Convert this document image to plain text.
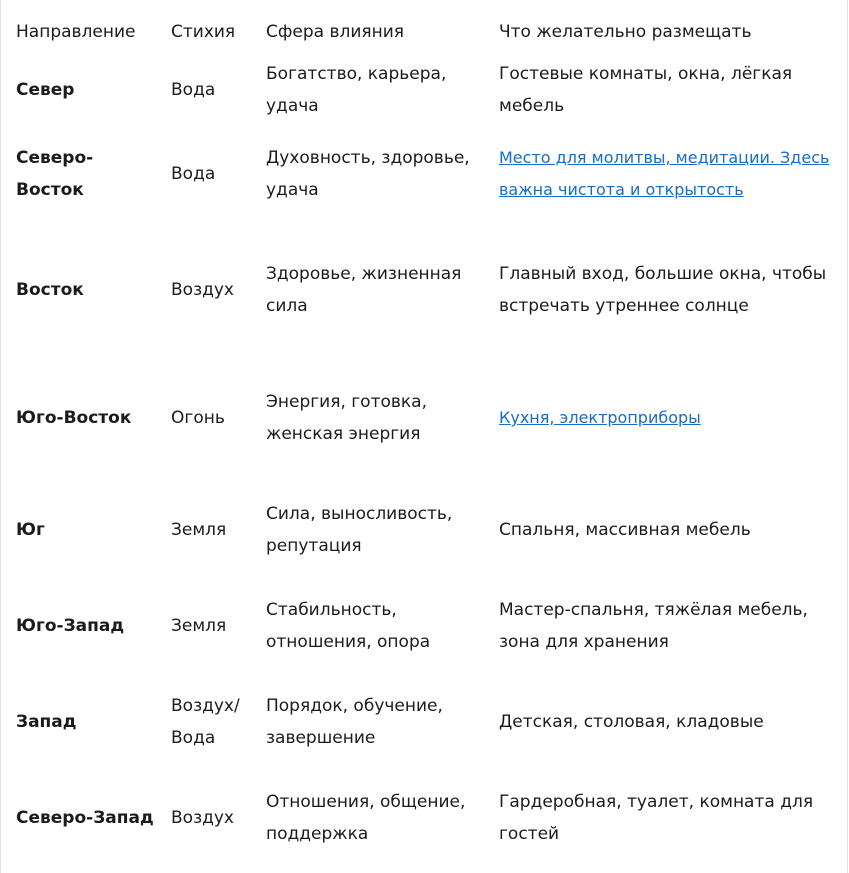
Направление	Стихия	Сфера влияния	Что желательно размещать
Север	Вода	Богатство, карьера, удача	Гостевые комнаты, окна, лёгкая мебель
Северо-Восток	Вода	Духовность, здоровье, удача	Место для молитвы, медитации. Здесь важна чистота и открытость
Восток	Воздух	Здоровье, жизненная сила	Главный вход, большие окна, чтобы встречать утреннее солнце
Юго-Восток	Огонь	Энергия, готовка, женская энергия	Кухня, электроприборы
Юг	Земля	Сила, выносливость, репутация	Спальня, массивная мебель
Юго-Запад	Земля	Стабильность, отношения, опора	Мастер-спальня, тяжёлая мебель, зона для хранения
Запад	Воздух/ Вода	Порядок, обучение, завершение	Детская, столовая, кладовые
Северо-Запад	Воздух	Отношения, общение, поддержка	Гардеробная, туалет, комната для гостей
